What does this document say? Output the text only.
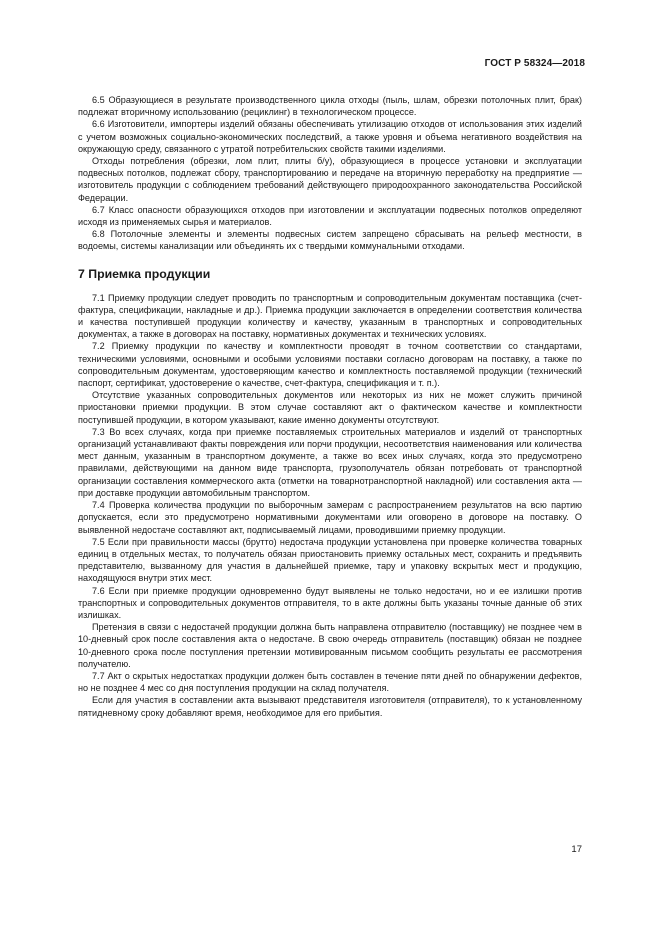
ГОСТ Р 58324—2018

6.5 Образующиеся в результате производственного цикла отходы (пыль, шлам, обрезки потолочных плит, брак) подлежат вторичному использованию (рециклинг) в технологическом процессе.

6.6 Изготовители, импортеры изделий обязаны обеспечивать утилизацию отходов от использования этих изделий с учетом возможных социально-экономических последствий, а также уровня и объема негативного воздействия на окружающую среду, связанного с утратой потребительских свойств такими изделиями.

Отходы потребления (обрезки, лом плит, плиты б/у), образующиеся в процессе установки и эксплуатации подвесных потолков, подлежат сбору, транспортированию и передаче на вторичную переработку на предприятие — изготовитель продукции с соблюдением требований действующего природоохранного законодательства Российской Федерации.

6.7 Класс опасности образующихся отходов при изготовлении и эксплуатации подвесных потолков определяют исходя из применяемых сырья и материалов.

6.8 Потолочные элементы и элементы подвесных систем запрещено сбрасывать на рельеф местности, в водоемы, системы канализации или объединять их с твердыми коммунальными отходами.

7 Приемка продукции

7.1 Приемку продукции следует проводить по транспортным и сопроводительным документам поставщика (счет-фактура, спецификации, накладные и др.). Приемка продукции заключается в определении соответствия количества и качества поступившей продукции количеству и качеству, указанным в транспортных и сопроводительных документах, а также в договорах на поставку, нормативных документах и технических условиях.

7.2 Приемку продукции по качеству и комплектности проводят в точном соответствии со стандартами, техническими условиями, основными и особыми условиями поставки согласно договорам на поставку, а также по сопроводительным документам, удостоверяющим качество и комплектность поставляемой продукции (технический паспорт, сертификат, удостоверение о качестве, счет-фактура, спецификация и т. п.).

Отсутствие указанных сопроводительных документов или некоторых из них не может служить причиной приостановки приемки продукции. В этом случае составляют акт о фактическом качестве и комплектности поступившей продукции, в котором указывают, какие именно документы отсутствуют.

7.3 Во всех случаях, когда при приемке поставляемых строительных материалов и изделий от транспортных организаций устанавливают факты повреждения или порчи продукции, несоответствия наименования или количества мест данным, указанным в транспортном документе, а также во всех иных случаях, когда это предусмотрено правилами, действующими на данном виде транспорта, грузополучатель обязан потребовать от транспортной организации составления коммерческого акта (отметки на товарнотранспортной накладной) или составления акта — при доставке продукции автомобильным транспортом.

7.4 Проверка количества продукции по выборочным замерам с распространением результатов на всю партию допускается, если это предусмотрено нормативными документами или оговорено в договоре на поставку. О выявленной недостаче составляют акт, подписываемый лицами, проводившими приемку продукции.

7.5 Если при правильности массы (брутто) недостача продукции установлена при проверке количества товарных единиц в отдельных местах, то получатель обязан приостановить приемку остальных мест, сохранить и предъявить представителю, вызванному для участия в дальнейшей приемке, тару и упаковку вскрытых мест и продукцию, находящуюся внутри этих мест.

7.6 Если при приемке продукции одновременно будут выявлены не только недостачи, но и ее излишки против транспортных и сопроводительных документов отправителя, то в акте должны быть указаны точные данные об этих излишках.

Претензия в связи с недостачей продукции должна быть направлена отправителю (поставщику) не позднее чем в 10-дневный срок после составления акта о недостаче. В свою очередь отправитель (поставщик) обязан не позднее 10-дневного срока после поступления претензии мотивированным письмом сообщить результаты ее рассмотрения получателю.

7.7 Акт о скрытых недостатках продукции должен быть составлен в течение пяти дней по обнаружении дефектов, но не позднее 4 мес со дня поступления продукции на склад получателя.

Если для участия в составлении акта вызывают представителя изготовителя (отправителя), то к установленному пятидневному сроку добавляют время, необходимое для его прибытия.

17
